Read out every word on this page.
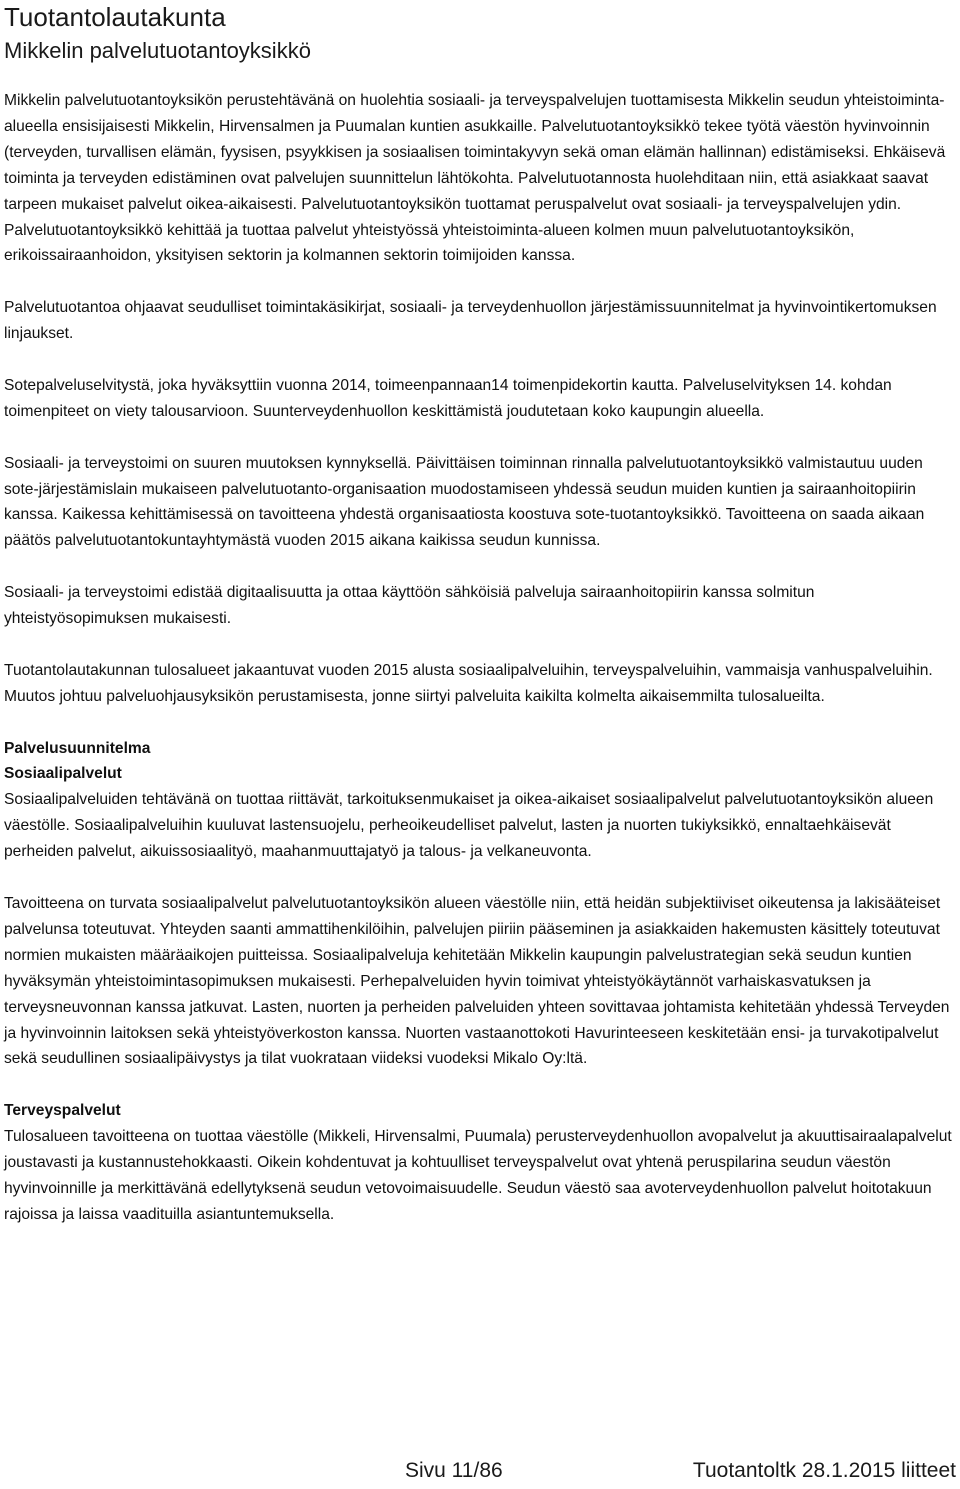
Tuotantolautakunta
Mikkelin palvelutuotantoyksikkö

Mikkelin palvelutuotantoyksikön perustehtävänä on huolehtia sosiaali- ja terveyspalvelujen tuottamisesta Mikkelin seudun yhteistoiminta-alueella ensisijaisesti Mikkelin, Hirvensalmen ja Puumalan kuntien asukkaille. Palvelutuotantoyksikkö tekee työtä väestön hyvinvoinnin (terveyden, turvallisen elämän, fyysisen, psyykkisen ja sosiaalisen toimintakyvyn sekä oman elämän hallinnan) edistämiseksi. Ehkäisevä toiminta ja terveyden edistäminen ovat palvelujen suunnittelun lähtökohta. Palvelutuotannosta huolehditaan niin, että asiakkaat saavat tarpeen mukaiset palvelut oikea-aikaisesti. Palvelutuotantoyksikön tuottamat peruspalvelut ovat sosiaali- ja terveyspalvelujen ydin. Palvelutuotantoyksikkö kehittää ja tuottaa palvelut yhteistyössä yhteistoiminta-alueen kolmen muun palvelutuotantoyksikön, erikoissairaanhoidon, yksityisen sektorin ja kolmannen sektorin toimijoiden kanssa.

Palvelutuotantoa ohjaavat seudulliset toimintakäsikirjat, sosiaali- ja terveydenhuollon järjestämissuunnitelmat ja hyvinvointikertomuksen linjaukset.

Sotepalveluselvitystä, joka hyväksyttiin vuonna 2014, toimeenpannaan14 toimenpidekortin kautta. Palveluselvityksen 14. kohdan toimenpiteet on viety talousarvioon. Suunterveydenhuollon keskittämistä joudutetaan koko kaupungin alueella.

Sosiaali- ja terveystoimi on suuren muutoksen kynnyksellä. Päivittäisen toiminnan rinnalla palvelutuotantoyksikkö valmistautuu uuden sote-järjestämislain mukaiseen palvelutuotanto-organisaation muodostamiseen yhdessä seudun muiden kuntien ja sairaanhoitopiirin kanssa. Kaikessa kehittämisessä on tavoitteena yhdestä organisaatiosta koostuva sote-tuotantoyksikkö. Tavoitteena on saada aikaan päätös palvelutuotantokuntayhtymästä vuoden 2015 aikana kaikissa seudun kunnissa.

Sosiaali- ja terveystoimi edistää digitaalisuutta ja ottaa käyttöön sähköisiä palveluja sairaanhoitopiirin kanssa solmitun yhteistyösopimuksen mukaisesti.

Tuotantolautakunnan tulosalueet jakaantuvat vuoden 2015 alusta sosiaalipalveluihin, terveyspalveluihin, vammaisja vanhuspalveluihin. Muutos johtuu palveluohjausyksikön perustamisesta, jonne siirtyi palveluita kaikilta kolmelta aikaisemmilta tulosalueilta.

Palvelusuunnitelma
Sosiaalipalvelut

Sosiaalipalveluiden tehtävänä on tuottaa riittävät, tarkoituksenmukaiset ja oikea-aikaiset sosiaalipalvelut palvelutuotantoyksikön alueen väestölle. Sosiaalipalveluihin kuuluvat lastensuojelu, perheoikeudelliset palvelut, lasten ja nuorten tukiyksikkö, ennaltaehkäisevät perheiden palvelut, aikuissosiaalityö, maahanmuuttajatyö ja talous- ja velkaneuvonta.

Tavoitteena on turvata sosiaalipalvelut palvelutuotantoyksikön alueen väestölle niin, että heidän subjektiiviset oikeutensa ja lakisääteiset palvelunsa toteutuvat. Yhteyden saanti ammattihenkilöihin, palvelujen piiriin pääseminen ja asiakkaiden hakemusten käsittely toteutuvat normien mukaisten määräaikojen puitteissa. Sosiaalipalveluja kehitetään Mikkelin kaupungin palvelustrategian sekä seudun kuntien hyväksymän yhteistoimintasopimuksen mukaisesti. Perhepalveluiden hyvin toimivat yhteistyökäytännöt varhaiskasvatuksen ja terveysneuvonnan kanssa jatkuvat. Lasten, nuorten ja perheiden palveluiden yhteen sovittavaa johtamista kehitetään yhdessä Terveyden ja hyvinvoinnin laitoksen sekä yhteistyöverkoston kanssa. Nuorten vastaanottokoti Havurinteeseen keskitetään ensi- ja turvakotipalvelut sekä seudullinen sosiaalipäivystys ja tilat vuokrataan viideksi vuodeksi Mikalo Oy:ltä.

Terveyspalvelut

Tulosalueen tavoitteena on tuottaa väestölle (Mikkeli, Hirvensalmi, Puumala) perusterveydenhuollon avopalvelut ja akuuttisairaalapalvelut joustavasti ja kustannustehokkaasti. Oikein kohdentuvat ja kohtuulliset terveyspalvelut ovat yhtenä peruspilarina seudun väestön hyvinvoinnille ja merkittävänä edellytyksenä seudun vetovoimaisuudelle. Seudun väestö saa avoterveydenhuollon palvelut hoitotakuun rajoissa ja laissa vaadituilla asiantuntemuksella.

Sivu 11/86	Tuotantoltk 28.1.2015 liitteet
